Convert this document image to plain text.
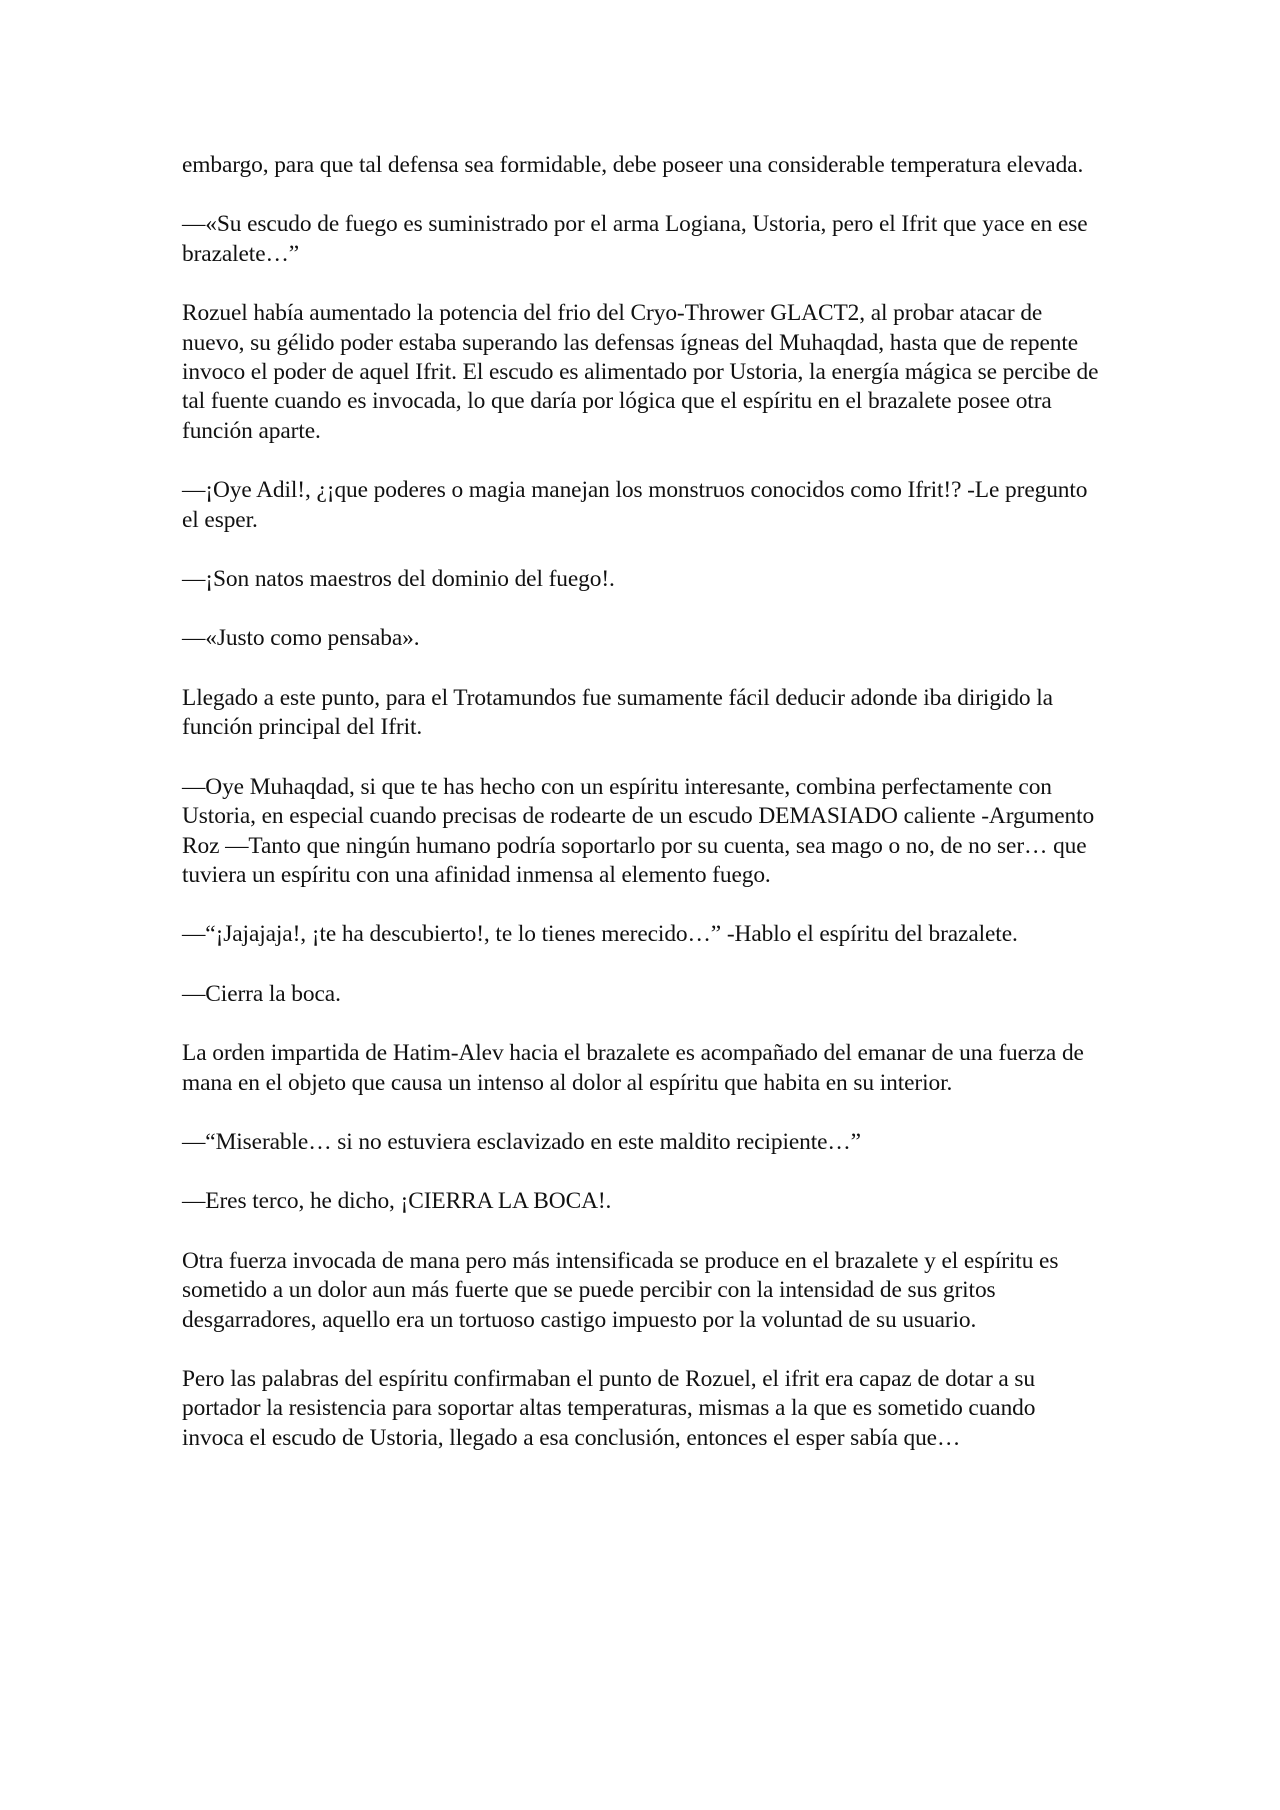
embargo, para que tal defensa sea formidable, debe poseer una considerable temperatura elevada.

—«Su escudo de fuego es suministrado por el arma Logiana, Ustoria, pero el Ifrit que yace en ese brazalete…”

Rozuel había aumentado la potencia del frio del Cryo-Thrower GLACT2, al probar atacar de nuevo, su gélido poder estaba superando las defensas ígneas del Muhaqdad, hasta que de repente invoco el poder de aquel Ifrit. El escudo es alimentado por Ustoria, la energía mágica se percibe de tal fuente cuando es invocada, lo que daría por lógica que el espíritu en el brazalete posee otra función aparte.

—¡Oye Adil!, ¿¡que poderes o magia manejan los monstruos conocidos como Ifrit!? -Le pregunto el esper.

—¡Son natos maestros del dominio del fuego!.

—«Justo como pensaba».

Llegado a este punto, para el Trotamundos fue sumamente fácil deducir adonde iba dirigido la función principal del Ifrit.

—Oye Muhaqdad, si que te has hecho con un espíritu interesante, combina perfectamente con Ustoria, en especial cuando precisas de rodearte de un escudo DEMASIADO caliente -Argumento Roz —Tanto que ningún humano podría soportarlo por su cuenta, sea mago o no, de no ser… que tuviera un espíritu con una afinidad inmensa al elemento fuego.

—“¡Jajajaja!, ¡te ha descubierto!, te lo tienes merecido…” -Hablo el espíritu del brazalete.

—Cierra la boca.

La orden impartida de Hatim-Alev hacia el brazalete es acompañado del emanar de una fuerza de mana en el objeto que causa un intenso al dolor al espíritu que habita en su interior.

—“Miserable… si no estuviera esclavizado en este maldito recipiente…”

—Eres terco, he dicho, ¡CIERRA LA BOCA!.

Otra fuerza invocada de mana pero más intensificada se produce en el brazalete y el espíritu es sometido a un dolor aun más fuerte que se puede percibir con la intensidad de sus gritos desgarradores, aquello era un tortuoso castigo impuesto por la voluntad de su usuario.

Pero las palabras del espíritu confirmaban el punto de Rozuel, el ifrit era capaz de dotar a su portador la resistencia para soportar altas temperaturas, mismas a la que es sometido cuando invoca el escudo de Ustoria, llegado a esa conclusión, entonces el esper sabía que…
